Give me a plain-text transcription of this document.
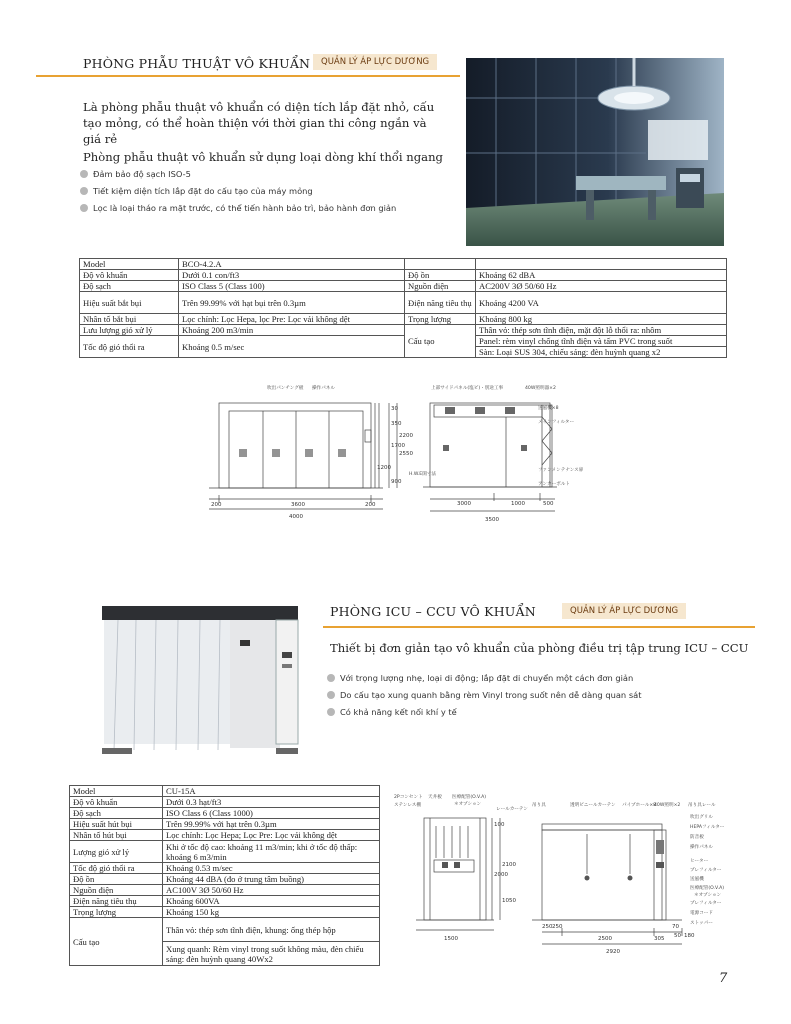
PHÒNG PHẪU THUẬT VÔ KHUẨN	QUẢN LÝ ÁP LỰC DƯƠNG
Là phòng phẫu thuật vô khuẩn có diện tích lắp đặt nhỏ, cấu tạo mỏng, có thể hoàn thiện với thời gian thi công ngắn và giá rẻ
Phòng phẫu thuật vô khuẩn sử dụng loại dòng khí thổi ngang
Đảm bảo độ sạch ISO-5
Tiết kiệm diện tích lắp đặt do cấu tạo của máy mỏng
Lọc là loại tháo ra mặt trước, có thể tiến hành bảo trì, bảo hành đơn giản
Model	BCO-4.2.A		
Độ vô khuẩn	Dưới 0.1 con/ft3	Độ ồn	Khoảng 62 dBA
Độ sạch	ISO Class 5 (Class 100)	Nguồn điện	AC200V 3Ø 50/60 Hz
Hiệu suất bắt bụi	Trên 99.99% với hạt bụi trên 0.3µm	Điện năng tiêu thụ	Khoảng 4200 VA
Nhân tố bắt bụi	Lọc chính: Lọc Hepa, lọc Pre: Lọc vải không dệt	Trọng lượng	Khoảng 800 kg
Lưu lượng gió xử lý	Khoảng 200 m3/min	Cấu tạo	Thân vỏ: thép sơn tĩnh điện, mặt đột lỗ thổi ra: nhôm
Tốc độ gió thổi ra	Khoảng 0.5 m/sec		Panel: rèm vinyl chống tĩnh điện và tấm PVC trong suốt
			Sàn: Loại SUS 304, chiếu sáng: đèn huỳnh quang x2
吹出パンチング板 操作パネル	上部サイドパネル(塩ビ)・別途工事	40W照明器×2
送風機×8
メインフィルター
ファンメンテナンス扉
アンカーボルト
200	3600	200
4000
30
350
1700
2200
2550
900
1200
H.W.E開寸法
1000
3000	500
3500
PHÒNG ICU – CCU VÔ KHUẨN	QUẢN LÝ ÁP LỰC DƯƠNG
Thiết bị đơn giản tạo vô khuẩn của phòng điều trị tập trung ICU – CCU
Với trọng lượng nhẹ, loại di động; lắp đặt di chuyển một cách đơn giản
Do cấu tạo xung quanh bằng rèm Vinyl trong suốt nên dễ dàng quan sát
Có khả năng kết nối khí y tế
Model	CU-15A
Độ vô khuẩn	Dưới 0.3 hạt/ft3
Độ sạch	ISO Class 6 (Class 1000)
Hiệu suất hút bụi	Trên 99.99% với hạt trên 0.3µm
Nhân tố hút bụi	Lọc chính: Lọc Hepa; Lọc Pre: Lọc vải không dệt
Lượng gió xử lý	Khi ở tốc độ cao: khoảng 11 m3/min; khi ở tốc độ thấp: khoảng 6 m3/min
Tốc độ gió thổi ra	Khoảng 0.53 m/sec
Độ ồn	Khoảng 44 dBA (đo ở trung tâm buồng)
Nguồn điện	AC100V 3Ø 50/60 Hz
Điện năng tiêu thụ	Khoảng 600VA
Trọng lượng	Khoảng 150 kg
Cấu tạo	Thân vỏ: thép sơn tĩnh điện, khung: ống thép hộp
	Xung quanh: Rèm vinyl trong suốt không màu, đèn chiếu sáng: đèn huỳnh quang 40Wx2
2Pコンセント 天井板 医療配管(O.V.A)
＊オプション
ステンレス棚
レールカーテン
吊り具	透明ビニールカーテン パイプホール×8
40W照明×2 吊り具レール
吹出グリル
HEPAフィルター
防音板
操作パネル
ヒーター
プレフィルター
送風機
医療配管(O.V.A)
＊オプション
プレフィルター
電源コード
ストッパー
1500
100
2000
2100
1050
250 250
2500	305
2920
70
180
50
7
